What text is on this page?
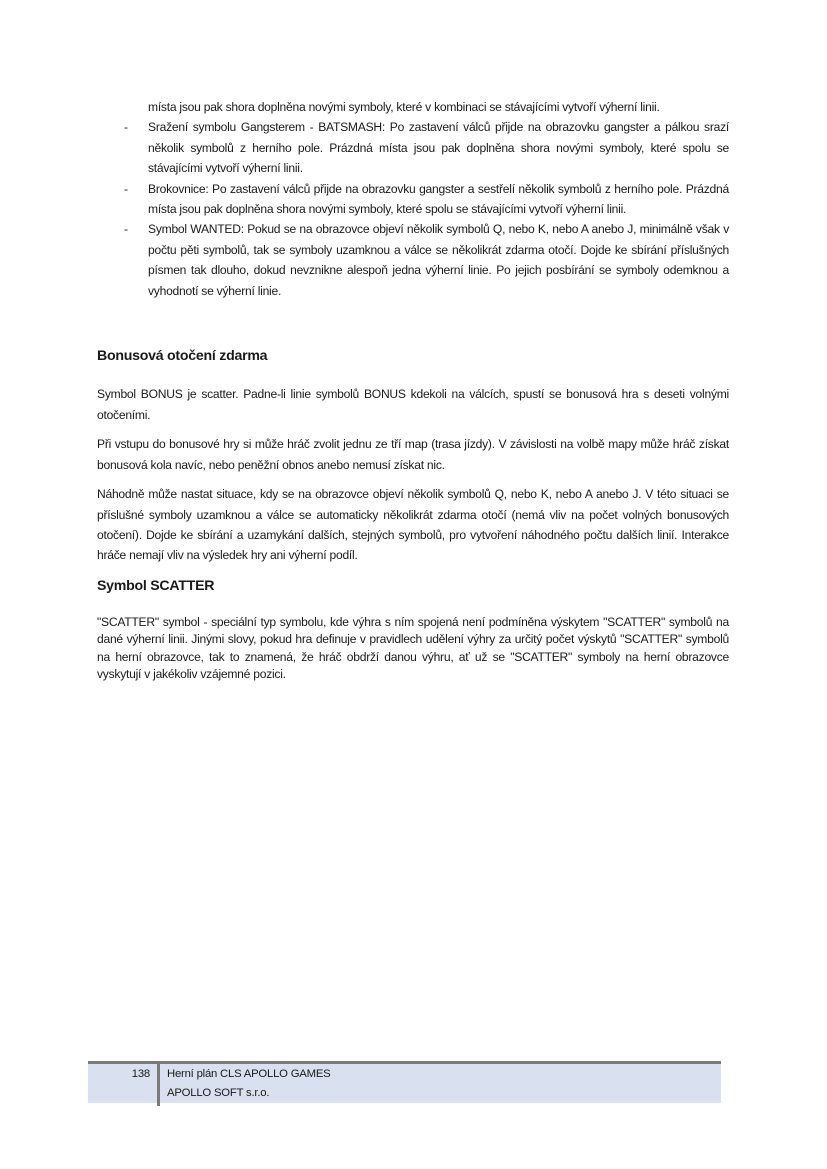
místa jsou pak shora doplněna novými symboly, které v kombinaci se stávajícími vytvoří výherní linii.

- Sražení symbolu Gangsterem - BATSMASH: Po zastavení válců přijde na obrazovku gangster a pálkou srazí několik symbolů z herního pole. Prázdná místa jsou pak doplněna shora novými symboly, které spolu se stávajícími vytvoří výherní linii.
- Brokovnice: Po zastavení válců přijde na obrazovku gangster a sestřelí několik symbolů z herního pole. Prázdná místa jsou pak doplněna shora novými symboly, které spolu se stávajícími vytvoří výherní linii.
- Symbol WANTED: Pokud se na obrazovce objeví několik symbolů Q, nebo K, nebo A anebo J, minimálně však v počtu pěti symbolů, tak se symboly uzamknou a válce se několikrát zdarma otočí. Dojde ke sbírání příslušných písmen tak dlouho, dokud nevznikne alespoň jedna výherní linie. Po jejich posbírání se symboly odemknou a vyhodnotí se výherní linie.
Bonusová otočení zdarma

Symbol BONUS je scatter. Padne-li linie symbolů BONUS kdekoli na válcích, spustí se bonusová hra s deseti volnými otočeními.

Při vstupu do bonusové hry si může hráč zvolit jednu ze tří map (trasa jízdy). V závislosti na volbě mapy může hráč získat bonusová kola navíc, nebo peněžní obnos anebo nemusí získat nic.

Náhodně může nastat situace, kdy se na obrazovce objeví několik symbolů Q, nebo K, nebo A anebo J. V této situaci se příslušné symboly uzamknou a válce se automaticky několikrát zdarma otočí (nemá vliv na počet volných bonusových otočení). Dojde ke sbírání a uzamykání dalších, stejných symbolů, pro vytvoření náhodného počtu dalších linií. Interakce hráče nemají vliv na výsledek hry ani výherní podíl.

Symbol SCATTER

"SCATTER" symbol - speciální typ symbolu, kde výhra s ním spojená není podmíněna výskytem "SCATTER" symbolů na dané výherní linii. Jinými slovy, pokud hra definuje v pravidlech udělení výhry za určitý počet výskytů "SCATTER" symbolů na herní obrazovce, tak to znamená, že hráč obdrží danou výhru, ať už se "SCATTER" symboly na herní obrazovce vyskytují v jakékoliv vzájemné pozici.

138 Herní plán CLS APOLLO GAMES
APOLLO SOFT s.r.o.
